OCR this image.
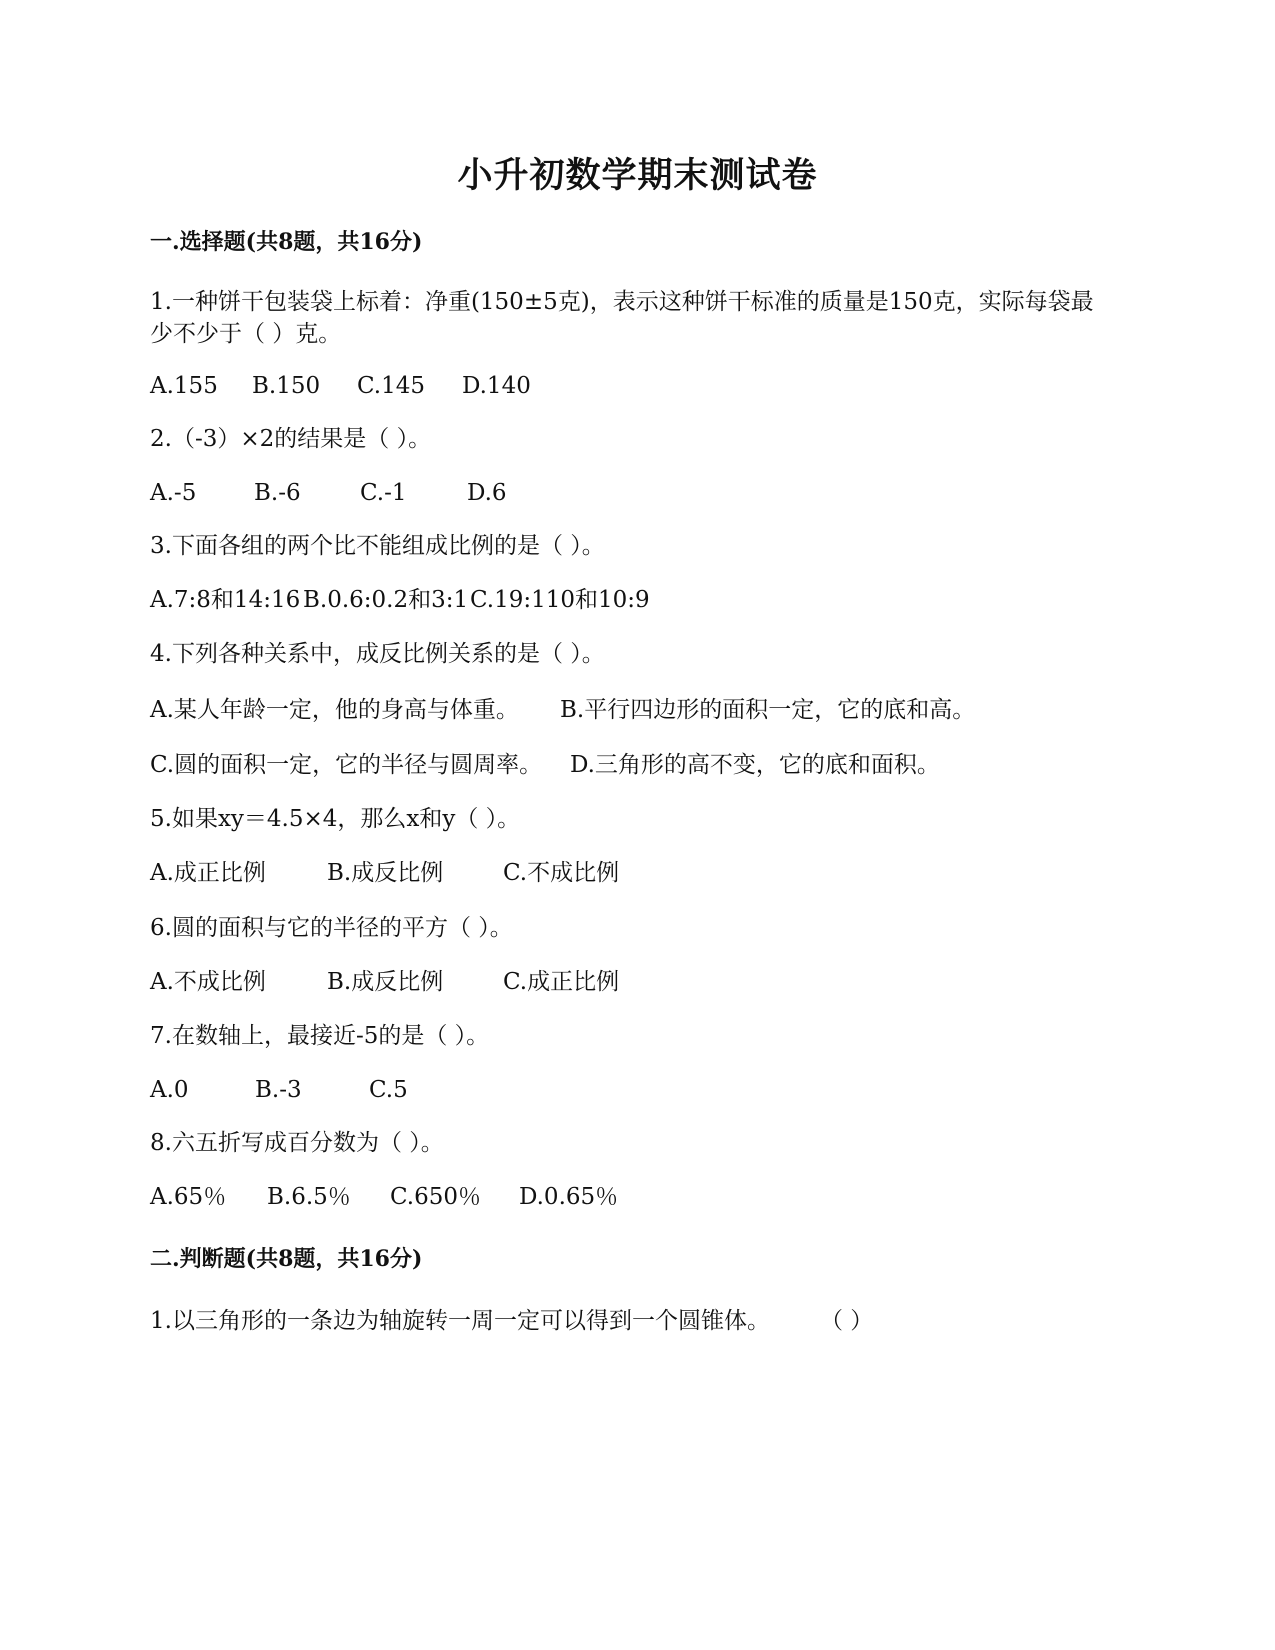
小升初数学期末测试卷
一.选择题(共8题，共16分)
1.一种饼干包装袋上标着：净重(150±5克)，表示这种饼干标准的质量是150克，实际每袋最少不少于（ ）克。
A.155 B.150 C.145 D.140
2.（-3）×2的结果是（ ）。
A.-5	B.-6	C.-1	D.6
3.下面各组的两个比不能组成比例的是（ ）。
A.7:8和14:16 B.0.6:0.2和3:1 C.19:110和10:9
4.下列各种关系中，成反比例关系的是（ ）。
A.某人年龄一定，他的身高与体重。 B.平行四边形的面积一定，它的底和高。
C.圆的面积一定，它的半径与圆周率。 D.三角形的高不变，它的底和面积。
5.如果xy＝4.5×4，那么x和y（ ）。
A.成正比例	B.成反比例	C.不成比例
6.圆的面积与它的半径的平方（ ）。
A.不成比例	B.成反比例	C.成正比例
7.在数轴上，最接近-5的是（ ）。
A.0	B.-3	C.5
8.六五折写成百分数为（ ）。
A.65％ B.6.5％ C.650％ D.0.65％
二.判断题(共8题，共16分)
1.以三角形的一条边为轴旋转一周一定可以得到一个圆锥体。 （ ）
